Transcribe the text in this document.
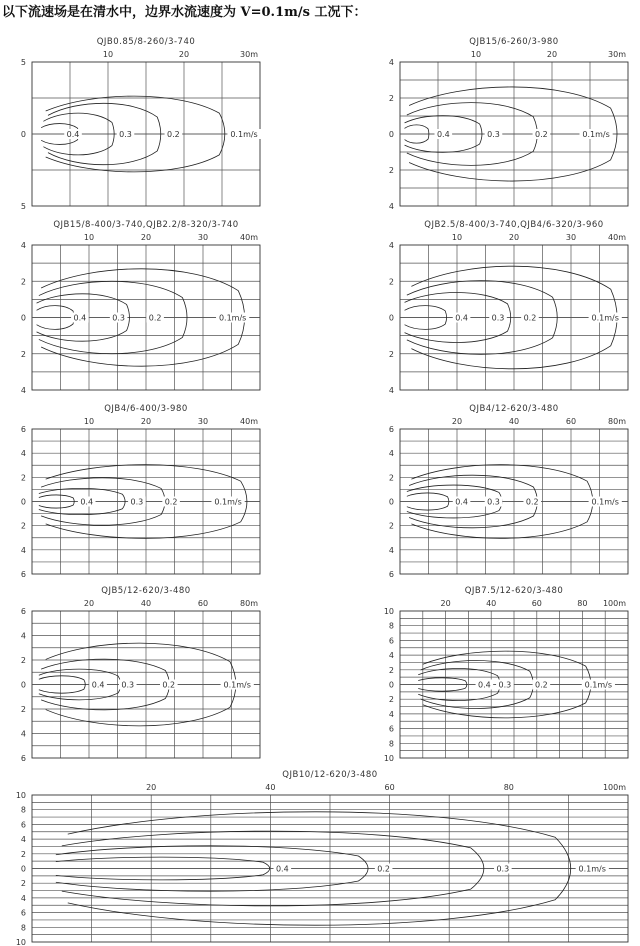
以下流速场是在清水中，边界水流速度为 V=0.1m/s 工况下：
QJB0.85/8-260/3-740
10	20	30m
5
0
5
0.4	0.3	0.2	0.1m/s
QJB15/6-260/3-980
10	20	30m
4
2
0
2
4
0.4	0.3	0.2	0.1m/s
QJB15/8-400/3-740,QJB2.2/8-320/3-740
10	20	30	40m
4
2
0
2
4
0.4	0.3	0.2	0.1m/s
QJB2.5/8-400/3-740,QJB4/6-320/3-960
10	20	30	40m
4
2
0
2
4
0.4	0.3 0.2	0.1m/s
QJB4/6-400/3-980
10	20	30	40m
6
4
2
0
2
4
6
0.4	0.3	0.2	0.1m/s
QJB4/12-620/3-480
20	40	60	80m
6
4
2
0
2
4
6
0.4 0.3	0.2	0.1m/s
QJB5/12-620/3-480
20	40	60	80m
6
4
2
0
2
4
6
0.4 0.3	0.2	0.1m/s
QJB7.5/12-620/3-480
20	40	60	80 100m
10
8
6
4
2
0
2
4
6
8
10
0.4 0.3	0.2	0.1m/s
QJB10/12-620/3-480
20	40	60	80	100m
10
8
6
4
2
0
2
4
6
8
10
0.4	0.2	0.3	0.1m/s
